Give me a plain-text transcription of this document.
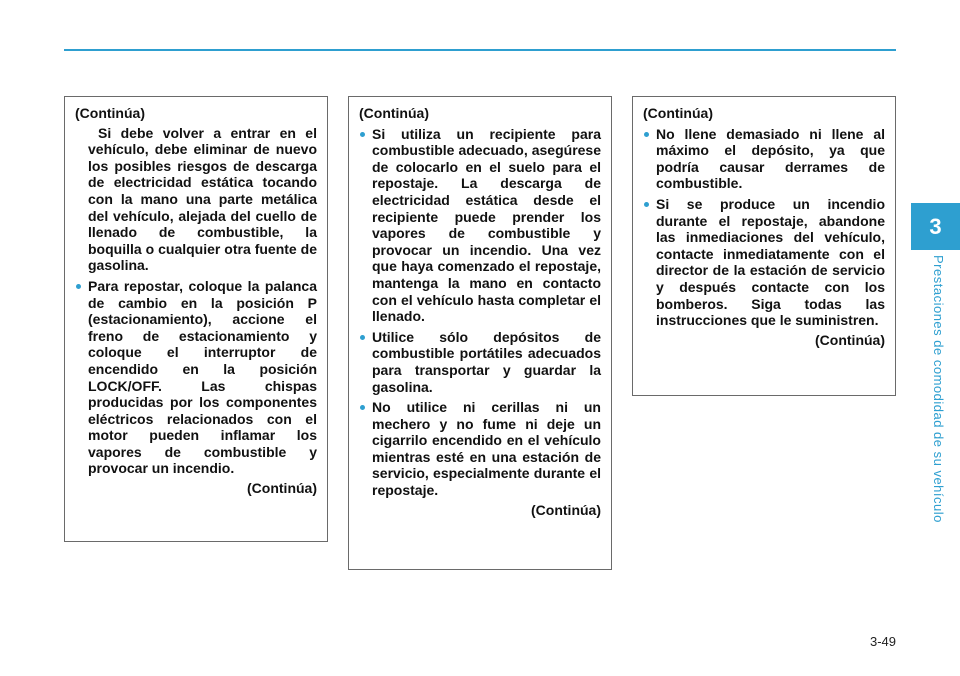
3
Prestaciones de comodidad de su vehículo
(Continúa)

Si debe volver a entrar en el vehículo, debe eliminar de nuevo los posibles riesgos de descarga de electricidad estática tocando con la mano una parte metálica del vehículo, alejada del cuello de llenado de combustible, la boquilla o cualquier otra fuente de gasolina.

Para repostar, coloque la palanca de cambio en la posición P (estacionamiento), accione el freno de estacionamiento y coloque el interruptor de encendido en la posición LOCK/OFF. Las chispas producidas por los componentes eléctricos relacionados con el motor pueden inflamar los vapores de combustible y provocar un incendio.

(Continúa)
(Continúa)

Si utiliza un recipiente para combustible adecuado, asegúrese de colocarlo en el suelo para el repostaje. La descarga de electricidad estática desde el recipiente puede prender los vapores de combustible y provocar un incendio. Una vez que haya comenzado el repostaje, mantenga la mano en contacto con el vehículo hasta completar el llenado.

Utilice sólo depósitos de combustible portátiles adecuados para transportar y guardar la gasolina.

No utilice ni cerillas ni un mechero y no fume ni deje un cigarrilo encendido en el vehículo mientras esté en una estación de servicio, especialmente durante el repostaje.

(Continúa)
(Continúa)

No llene demasiado ni llene al máximo el depósito, ya que podría causar derrames de combustible.

Si se produce un incendio durante el repostaje, abandone las inmediaciones del vehículo, contacte inmediatamente con el director de la estación de servicio y después contacte con los bomberos. Siga todas las instrucciones que le suministren.

(Continúa)
3-49
